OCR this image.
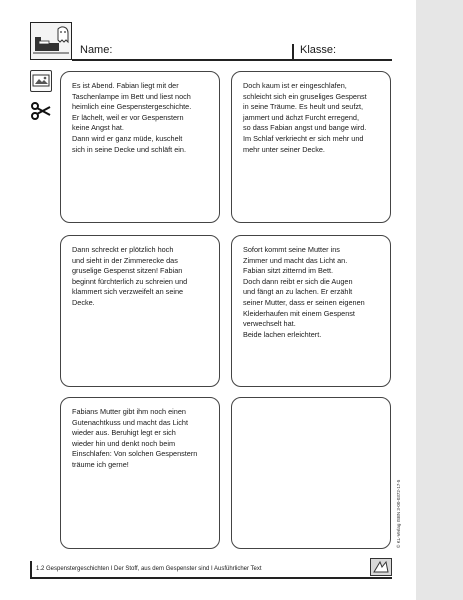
Name:	Klasse:

Es ist Abend. Fabian liegt mit der
Taschenlampe im Bett und liest noch
heimlich eine Gespenstergeschichte.
Er lächelt, weil er vor Gespenstern
keine Angst hat.
Dann wird er ganz müde, kuschelt
sich in seine Decke und schläft ein.

Doch kaum ist er eingeschlafen,
schleicht sich ein gruseliges Gespenst
in seine Träume. Es heult und seufzt,
jammert und ächzt Furcht erregend,
so dass Fabian angst und bange wird.
Im Schlaf verkriecht er sich mehr und
mehr unter seiner Decke.

Dann schreckt er plötzlich hoch
und sieht in der Zimmerecke das
gruselige Gespenst sitzen! Fabian
beginnt fürchterlich zu schreien und
klammert sich verzweifelt an seine
Decke.

Sofort kommt seine Mutter ins
Zimmer und macht das Licht an.
Fabian sitzt zitternd im Bett.
Doch dann reibt er sich die Augen
und fängt an zu lachen. Er erzählt
seiner Mutter, dass er seinen eigenen
Kleiderhaufen mit einem Gespenst
verwechselt hat.
Beide lachen erleichtert.

Fabians Mutter gibt ihm noch einen
Gutenachtkuss und macht das Licht
wieder aus. Beruhigt legt er sich
wieder hin und denkt noch beim
Einschlafen: Von solchen Gespenstern
träume ich gerne!

1.2 Gespenstergeschichten I Der Stoff, aus dem Gespenster sind I Ausführlicher Text
© KL-Verlag ISBN 3-00-0372-17-5
